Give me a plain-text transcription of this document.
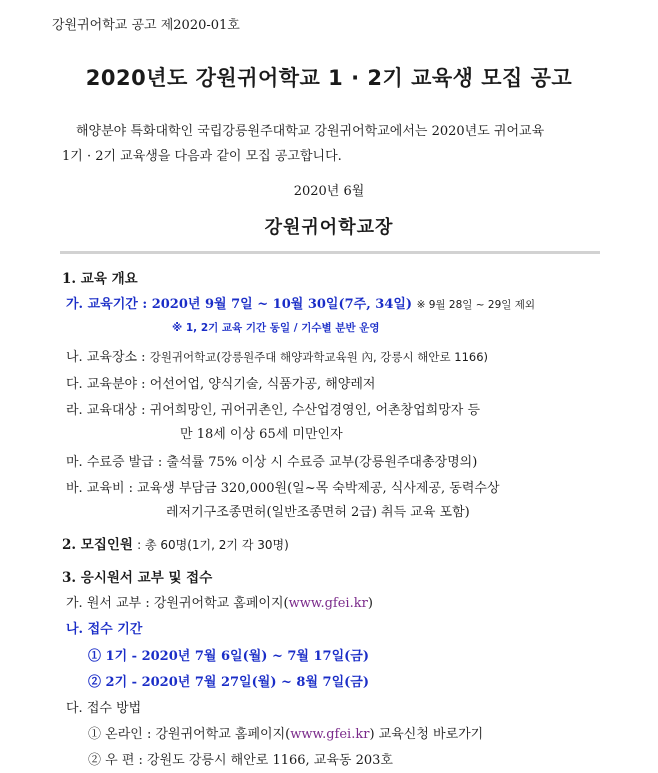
강원귀어학교 공고 제2020-01호
2020년도 강원귀어학교 1 · 2기 교육생 모집 공고
해양분야 특화대학인 국립강릉원주대학교 강원귀어학교에서는 2020년도 귀어교육
1기 · 2기 교육생을 다음과 같이 모집 공고합니다.
2020년 6월
강원귀어학교장
1. 교육 개요
가. 교육기간 : 2020년 9월 7일 ~ 10월 30일(7주, 34일) ※ 9월 28일 ~ 29일 제외
※ 1, 2기 교육 기간 동일 / 기수별 분반 운영
나. 교육장소 : 강원귀어학교(강릉원주대 해양과학교육원 內, 강릉시 해안로 1166)
다. 교육분야 : 어선어업, 양식기술, 식품가공, 해양레저
라. 교육대상 : 귀어희망인, 귀어귀촌인, 수산업경영인, 어촌창업희망자 등
만 18세 이상 65세 미만인자
마. 수료증 발급 : 출석률 75% 이상 시 수료증 교부(강릉원주대총장명의)
바. 교육비 : 교육생 부담금 320,000원(일~목 숙박제공, 식사제공, 동력수상
레저기구조종면허(일반조종면허 2급) 취득 교육 포함)
2. 모집인원 : 총 60명(1기, 2기 각 30명)
3. 응시원서 교부 및 접수
가. 원서 교부 : 강원귀어학교 홈페이지(www.gfei.kr)
나. 접수 기간
① 1기 - 2020년 7월 6일(월) ~ 7월 17일(금)
② 2기 - 2020년 7월 27일(월) ~ 8월 7일(금)
다. 접수 방법
① 온라인 : 강원귀어학교 홈페이지(www.gfei.kr) 교육신청 바로가기
② 우 편 : 강원도 강릉시 해안로 1166, 교육동 203호
